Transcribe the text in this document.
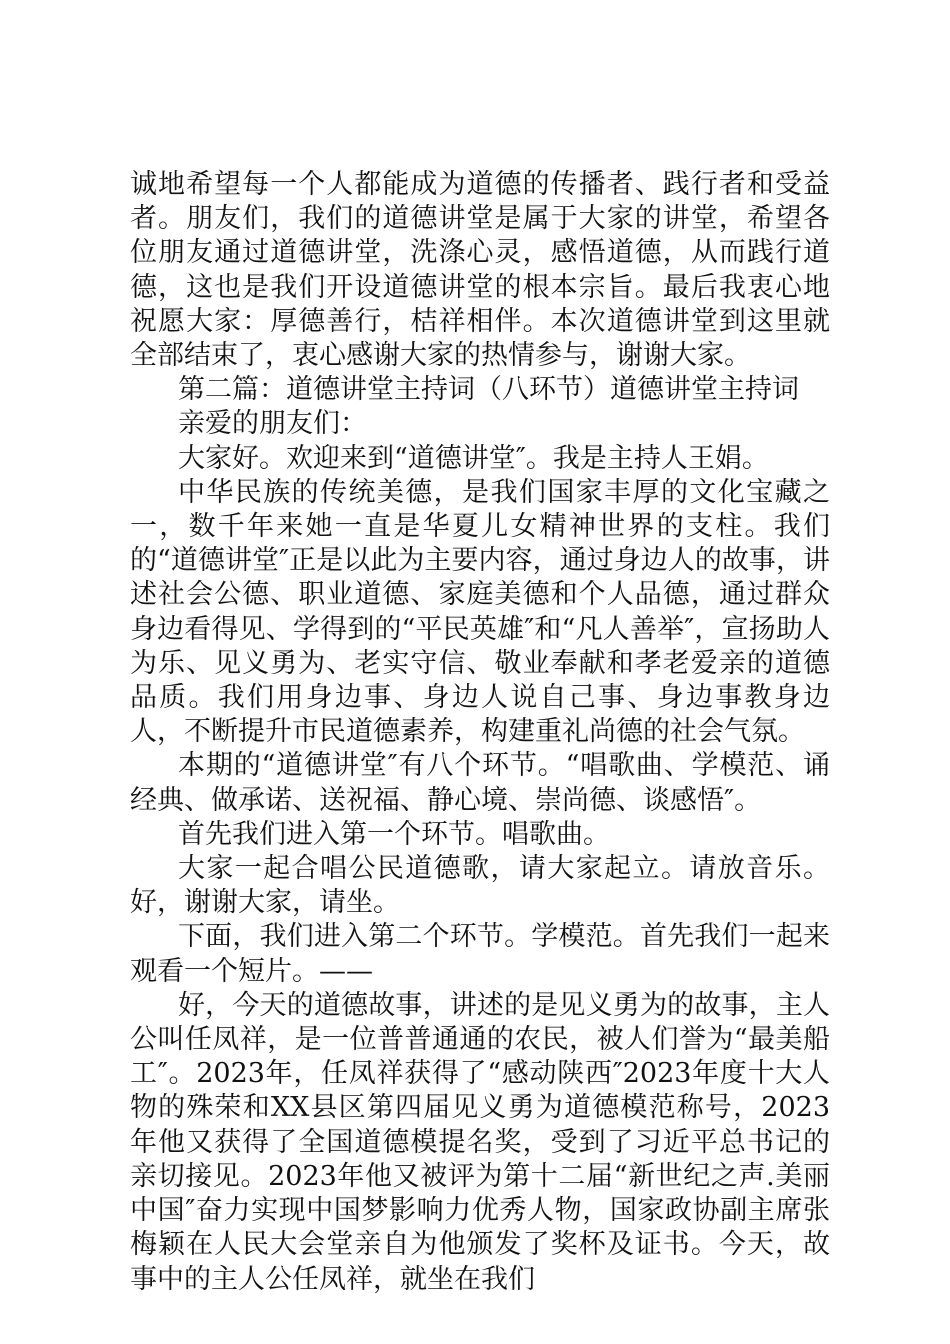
诚地希望每一个人都能成为道德的传播者、践行者和受益者。朋友们，我们的道德讲堂是属于大家的讲堂，希望各位朋友通过道德讲堂，洗涤心灵，感悟道德，从而践行道德，这也是我们开设道德讲堂的根本宗旨。最后我衷心地祝愿大家：厚德善行，桔祥相伴。本次道德讲堂到这里就全部结束了，衷心感谢大家的热情参与，谢谢大家。

第二篇：道德讲堂主持词（八环节）道德讲堂主持词

亲爱的朋友们：

大家好。欢迎来到“道德讲堂″。我是主持人王娟。

中华民族的传统美德，是我们国家丰厚的文化宝藏之一，数千年来她一直是华夏儿女精神世界的支柱。我们的“道德讲堂″正是以此为主要内容，通过身边人的故事，讲述社会公德、职业道德、家庭美德和个人品德，通过群众身边看得见、学得到的“平民英雄″和“凡人善举″，宣扬助人为乐、见义勇为、老实守信、敬业奉献和孝老爱亲的道德品质。我们用身边事、身边人说自己事、身边事教身边人，不断提升市民道德素养，构建重礼尚德的社会气氛。

本期的“道德讲堂″有八个环节。“唱歌曲、学模范、诵经典、做承诺、送祝福、静心境、崇尚德、谈感悟″。

首先我们进入第一个环节。唱歌曲。

大家一起合唱公民道德歌，请大家起立。请放音乐。好，谢谢大家，请坐。

下面，我们进入第二个环节。学模范。首先我们一起来观看一个短片。——

好，今天的道德故事，讲述的是见义勇为的故事，主人公叫任凤祥，是一位普普通通的农民，被人们誉为“最美船工″。2023年，任凤祥获得了“感动陕西″2023年度十大人物的殊荣和XX县区第四届见义勇为道德模范称号，2023年他又获得了全国道德模提名奖，受到了习近平总书记的亲切接见。2023年他又被评为第十二届“新世纪之声.美丽中国″奋力实现中国梦影响力优秀人物，国家政协副主席张梅颖在人民大会堂亲自为他颁发了奖杯及证书。今天，故事中的主人公任凤祥，就坐在我们
